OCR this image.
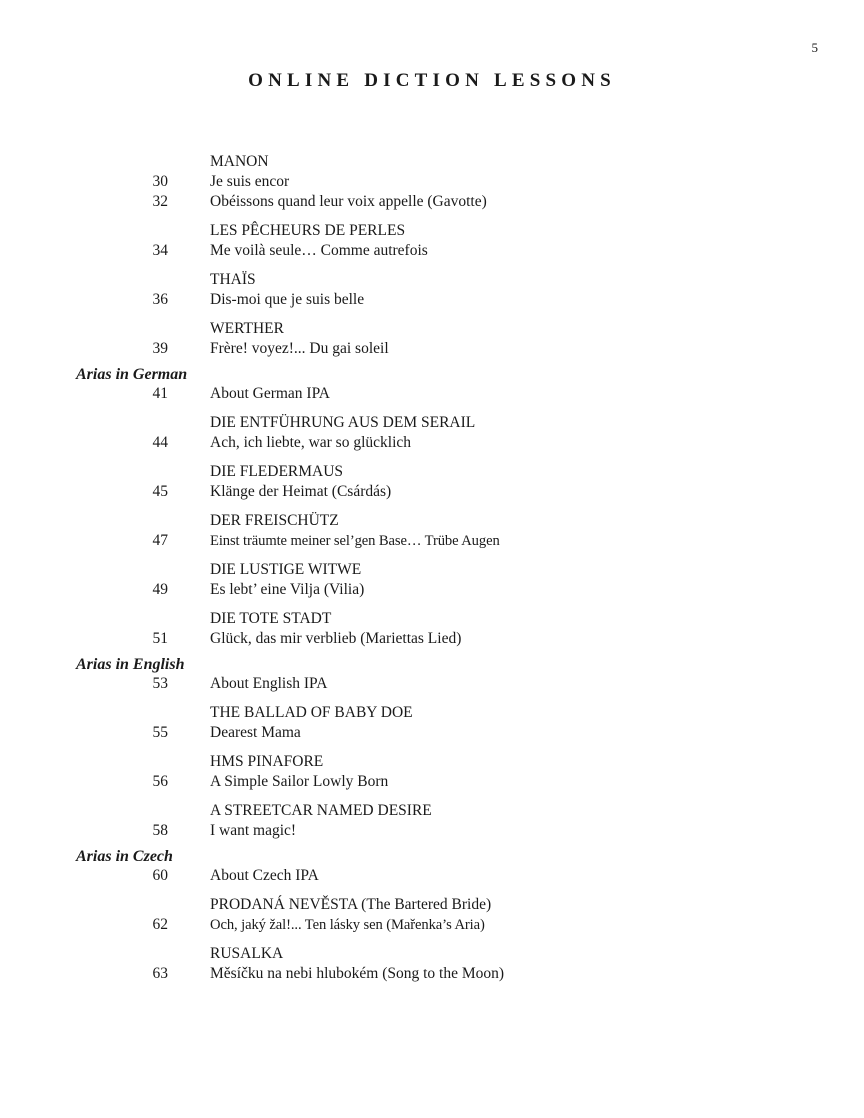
5
ONLINE DICTION LESSONS
MANON
30	Je suis encor
32	Obéissons quand leur voix appelle (Gavotte)
LES PÊCHEURS DE PERLES
34	Me voilà seule… Comme autrefois
THAÏS
36	Dis-moi que je suis belle
WERTHER
39	Frère! voyez!... Du gai soleil
Arias in German
41	About German IPA
DIE ENTFÜHRUNG AUS DEM SERAIL
44	Ach, ich liebte, war so glücklich
DIE FLEDERMAUS
45	Klänge der Heimat (Csárdás)
DER FREISCHÜTZ
47	Einst träumte meiner sel’gen Base… Trübe Augen
DIE LUSTIGE WITWE
49	Es lebt’ eine Vilja (Vilia)
DIE TOTE STADT
51	Glück, das mir verblieb (Mariettas Lied)
Arias in English
53	About English IPA
THE BALLAD OF BABY DOE
55	Dearest Mama
HMS PINAFORE
56	A Simple Sailor Lowly Born
A STREETCAR NAMED DESIRE
58	I want magic!
Arias in Czech
60	About Czech IPA
PRODANÁ NEVĚSTA (The Bartered Bride)
62	Och, jaký žal!... Ten lásky sen (Mařenka’s Aria)
RUSALKA
63	Měsíčku na nebi hlubokém (Song to the Moon)
